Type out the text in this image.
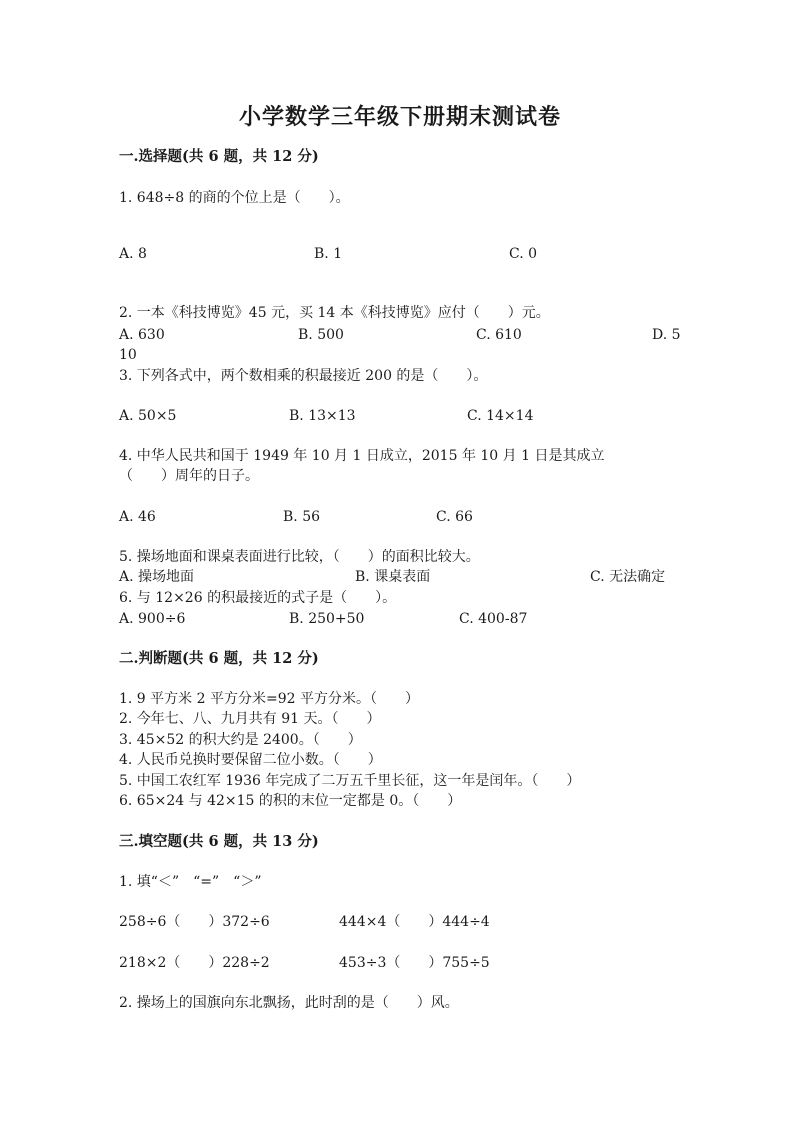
小学数学三年级下册期末测试卷
一.选择题(共 6 题，共 12 分)
1. 648÷8 的商的个位上是（　　）。
A. 8	B. 1	C. 0
2. 一本《科技博览》45 元，买 14 本《科技博览》应付（　　）元。
A. 630	B. 500	C. 610	D. 5
10
3. 下列各式中，两个数相乘的积最接近 200 的是（　　）。
A. 50×5	B. 13×13	C. 14×14
4. 中华人民共和国于 1949 年 10 月 1 日成立，2015 年 10 月 1 日是其成立
（　　）周年的日子。
A. 46	B. 56	C. 66
5. 操场地面和课桌表面进行比较，（　　）的面积比较大。
A. 操场地面	B. 课桌表面	C. 无法确定
6. 与 12×26 的积最接近的式子是（　　）。
A. 900÷6	B. 250+50	C. 400-87
二.判断题(共 6 题，共 12 分)
1. 9 平方米 2 平方分米=92 平方分米。（　　）
2. 今年七、八、九月共有 91 天。（　　）
3. 45×52 的积大约是 2400。（　　）
4. 人民币兑换时要保留二位小数。（　　）
5. 中国工农红军 1936 年完成了二万五千里长征，这一年是闰年。（　　）
6. 65×24 与 42×15 的积的末位一定都是 0。（　　）
三.填空题(共 6 题，共 13 分)
1. 填“＜”　“=”　“＞”
258÷6（　　）372÷6	444×4（　　）444÷4
218×2（　　）228÷2	453÷3（　　）755÷5
2. 操场上的国旗向东北飘扬，此时刮的是（　　）风。
